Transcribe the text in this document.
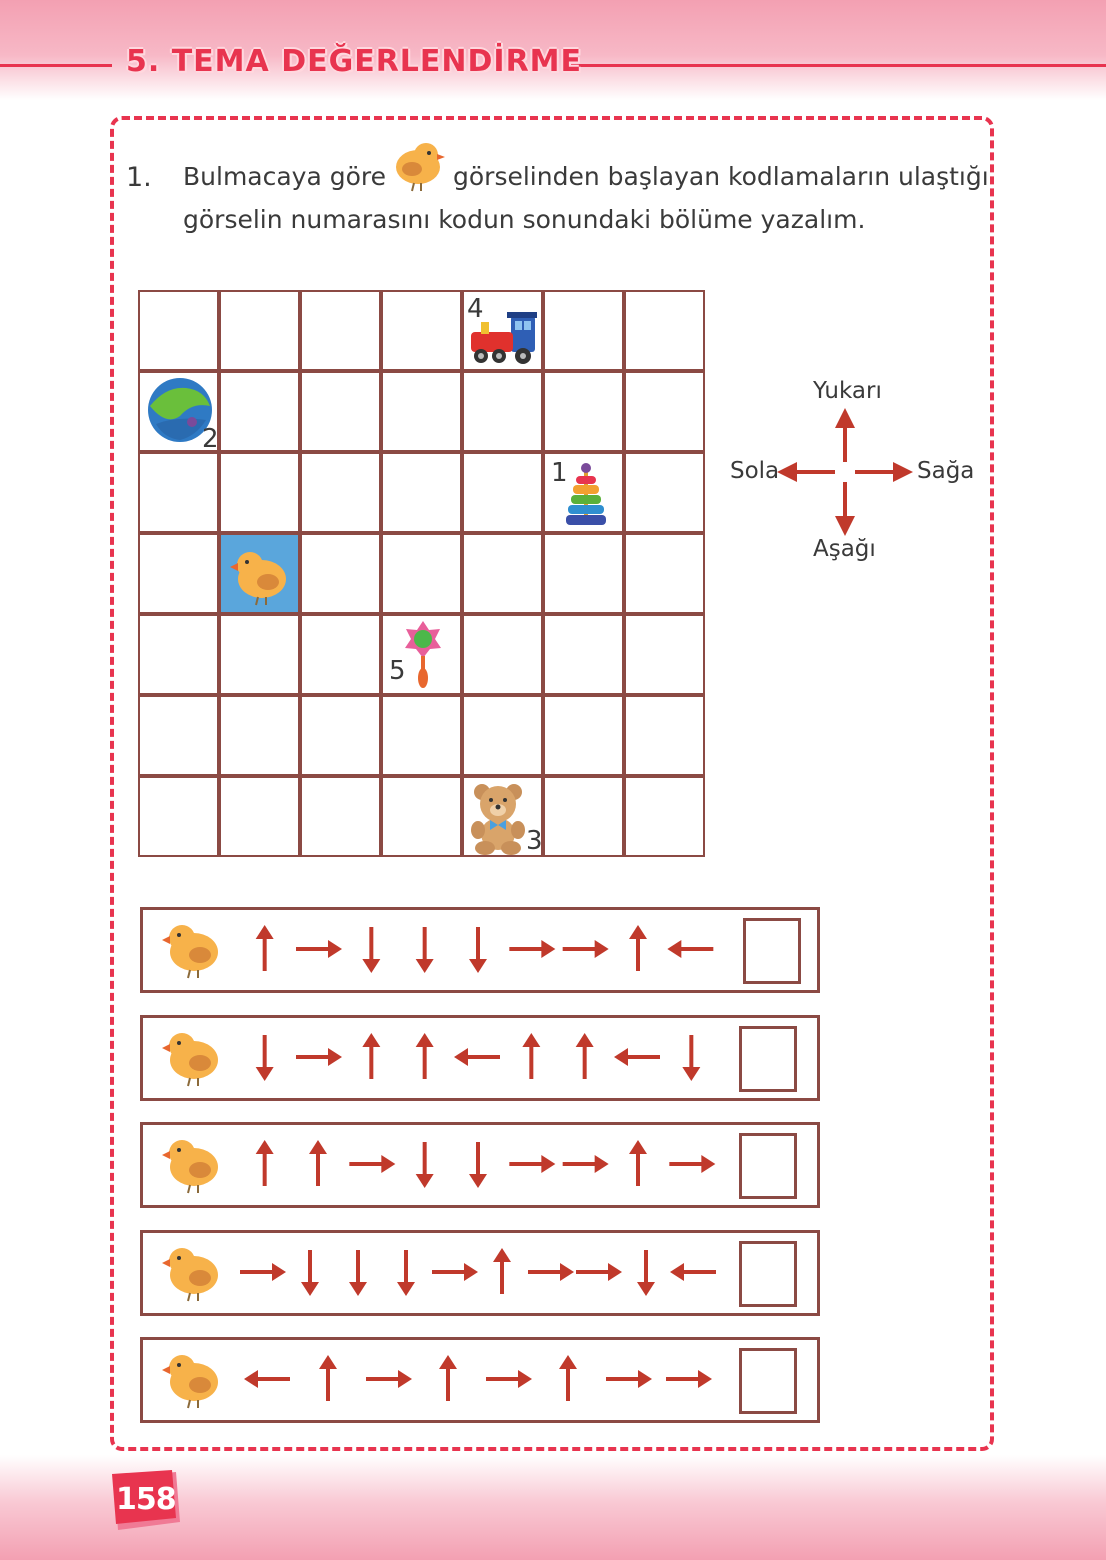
5. TEMA DEĞERLENDİRME
1. Bulmacaya göre	görselinden başlayan kodlamaların ulaştığı
görselin numarasını kodun sonundaki bölüme yazalım.
4
2
1
5
3
Yukarı
Sola	Sağa
Aşağı
158
